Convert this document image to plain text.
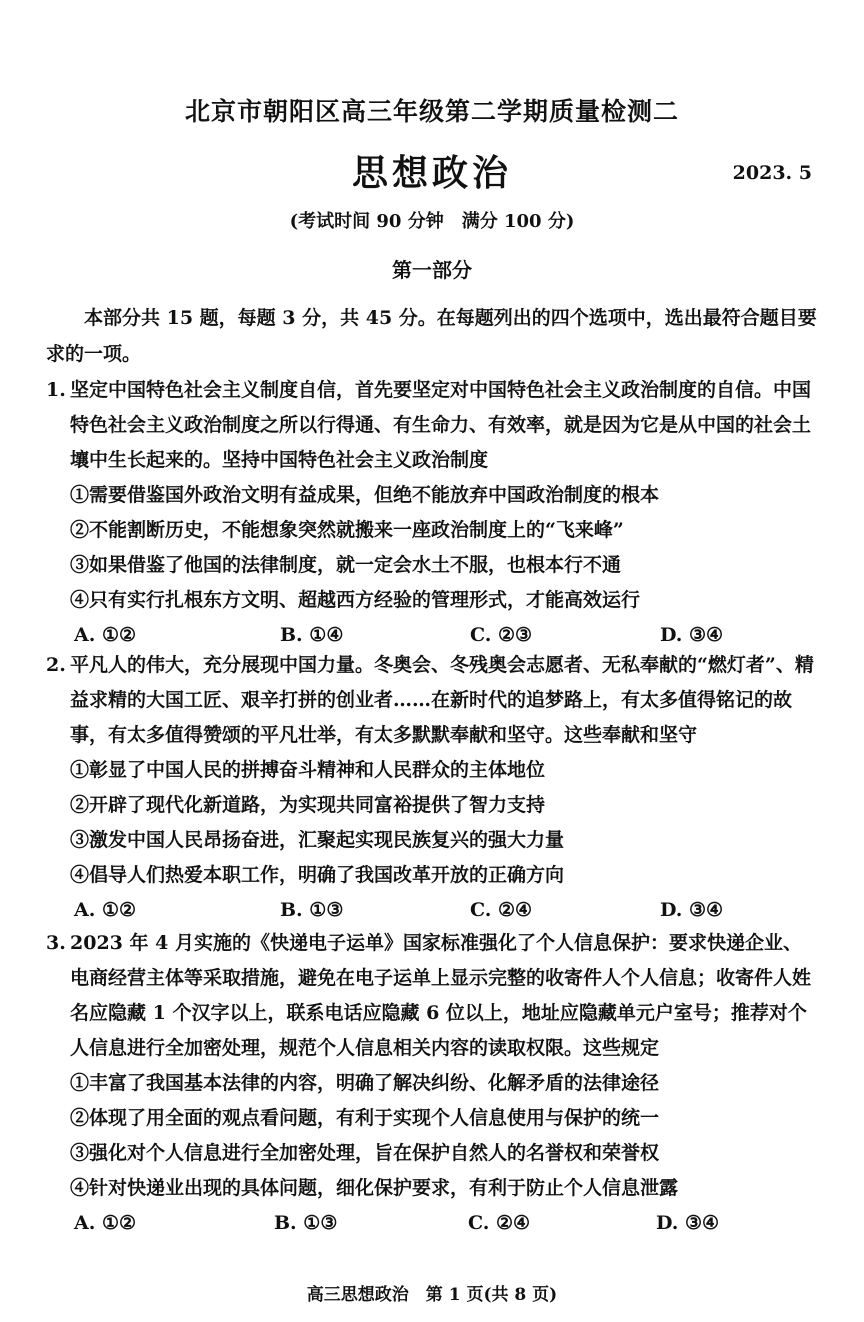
北京市朝阳区高三年级第二学期质量检测二
思想政治	2023. 5
(考试时间 90 分钟　满分 100 分)
第一部分
本部分共 15 题，每题 3 分，共 45 分。在每题列出的四个选项中，选出最符合题目要求的一项。
1. 坚定中国特色社会主义制度自信，首先要坚定对中国特色社会主义政治制度的自信。中国特色社会主义政治制度之所以行得通、有生命力、有效率，就是因为它是从中国的社会土壤中生长起来的。坚持中国特色社会主义政治制度
①需要借鉴国外政治文明有益成果，但绝不能放弃中国政治制度的根本
②不能割断历史，不能想象突然就搬来一座政治制度上的“飞来峰”
③如果借鉴了他国的法律制度，就一定会水土不服，也根本行不通
④只有实行扎根东方文明、超越西方经验的管理形式，才能高效运行
A. ①②	B. ①④	C. ②③	D. ③④
2. 平凡人的伟大，充分展现中国力量。冬奥会、冬残奥会志愿者、无私奉献的“燃灯者”、精益求精的大国工匠、艰辛打拼的创业者……在新时代的追梦路上，有太多值得铭记的故事，有太多值得赞颂的平凡壮举，有太多默默奉献和坚守。这些奉献和坚守
①彰显了中国人民的拼搏奋斗精神和人民群众的主体地位
②开辟了现代化新道路，为实现共同富裕提供了智力支持
③激发中国人民昂扬奋进，汇聚起实现民族复兴的强大力量
④倡导人们热爱本职工作，明确了我国改革开放的正确方向
A. ①②	B. ①③	C. ②④	D. ③④
3. 2023 年 4 月实施的《快递电子运单》国家标准强化了个人信息保护：要求快递企业、电商经营主体等采取措施，避免在电子运单上显示完整的收寄件人个人信息；收寄件人姓名应隐藏 1 个汉字以上，联系电话应隐藏 6 位以上，地址应隐藏单元户室号；推荐对个人信息进行全加密处理，规范个人信息相关内容的读取权限。这些规定
①丰富了我国基本法律的内容，明确了解决纠纷、化解矛盾的法律途径
②体现了用全面的观点看问题，有利于实现个人信息使用与保护的统一
③强化对个人信息进行全加密处理，旨在保护自然人的名誉权和荣誉权
④针对快递业出现的具体问题，细化保护要求，有利于防止个人信息泄露
A. ①②	B. ①③	C. ②④	D. ③④
高三思想政治　第 1 页(共 8 页)
